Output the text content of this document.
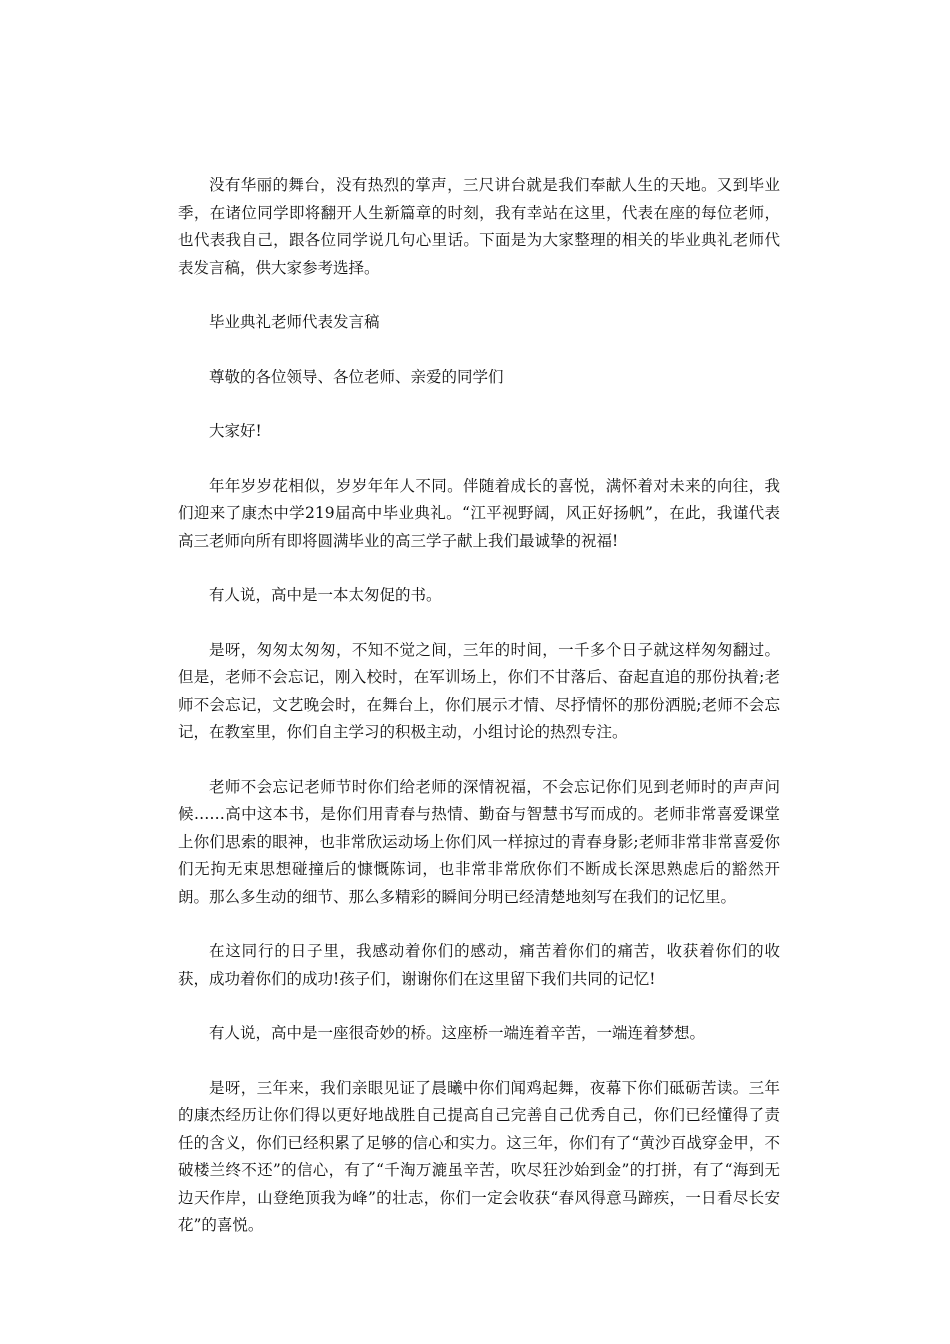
没有华丽的舞台，没有热烈的掌声，三尺讲台就是我们奉献人生的天地。又到毕业季，在诸位同学即将翻开人生新篇章的时刻，我有幸站在这里，代表在座的每位老师，也代表我自己，跟各位同学说几句心里话。下面是为大家整理的相关的毕业典礼老师代表发言稿，供大家参考选择。

毕业典礼老师代表发言稿

尊敬的各位领导、各位老师、亲爱的同学们

大家好!

年年岁岁花相似，岁岁年年人不同。伴随着成长的喜悦，满怀着对未来的向往，我们迎来了康杰中学219届高中毕业典礼。“江平视野阔，风正好扬帆”，在此，我谨代表高三老师向所有即将圆满毕业的高三学子献上我们最诚挚的祝福!

有人说，高中是一本太匆促的书。

是呀，匆匆太匆匆，不知不觉之间，三年的时间，一千多个日子就这样匆匆翻过。但是，老师不会忘记，刚入校时，在军训场上，你们不甘落后、奋起直追的那份执着;老师不会忘记，文艺晚会时，在舞台上，你们展示才情、尽抒情怀的那份洒脱;老师不会忘记，在教室里，你们自主学习的积极主动，小组讨论的热烈专注。

老师不会忘记老师节时你们给老师的深情祝福，不会忘记你们见到老师时的声声问候……高中这本书，是你们用青春与热情、勤奋与智慧书写而成的。老师非常喜爱课堂上你们思索的眼神，也非常欣运动场上你们风一样掠过的青春身影;老师非常非常喜爱你们无拘无束思想碰撞后的慷慨陈词，也非常非常欣你们不断成长深思熟虑后的豁然开朗。那么多生动的细节、那么多精彩的瞬间分明已经清楚地刻写在我们的记忆里。

在这同行的日子里，我感动着你们的感动，痛苦着你们的痛苦，收获着你们的收获，成功着你们的成功!孩子们，谢谢你们在这里留下我们共同的记忆!

有人说，高中是一座很奇妙的桥。这座桥一端连着辛苦，一端连着梦想。

是呀，三年来，我们亲眼见证了晨曦中你们闻鸡起舞，夜幕下你们砥砺苦读。三年的康杰经历让你们得以更好地战胜自己提高自己完善自己优秀自己，你们已经懂得了责任的含义，你们已经积累了足够的信心和实力。这三年，你们有了“黄沙百战穿金甲，不破楼兰终不还”的信心，有了“千淘万漉虽辛苦，吹尽狂沙始到金”的打拼，有了“海到无边天作岸，山登绝顶我为峰”的壮志，你们一定会收获“春风得意马蹄疾，一日看尽长安花”的喜悦。
